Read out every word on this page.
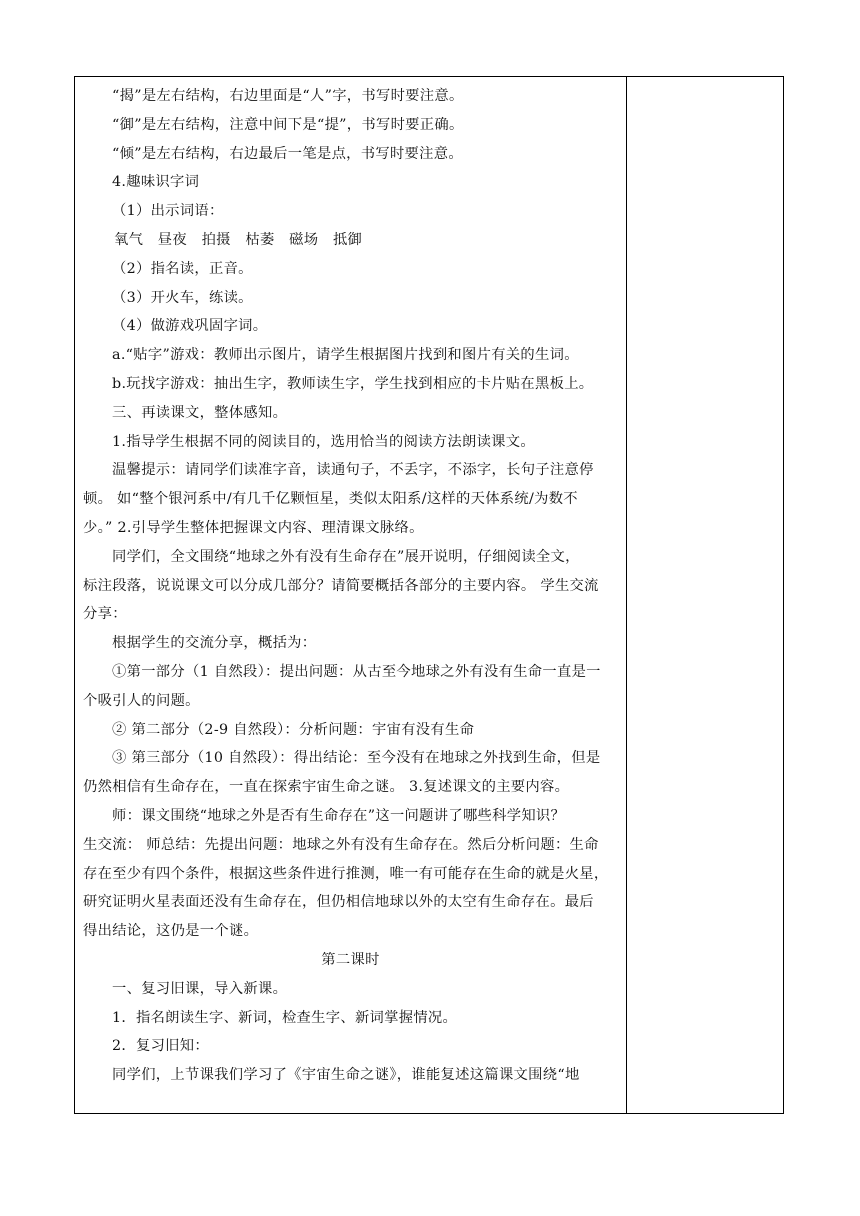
“揭”是左右结构，右边里面是“人”字，书写时要注意。

“御”是左右结构，注意中间下是“提”，书写时要正确。

“倾”是左右结构，右边最后一笔是点，书写时要注意。

4.趣味识字词

（1）出示词语：

氧气　昼夜　拍摄　枯萎　磁场　抵御

（2）指名读，正音。

（3）开火车，练读。

（4）做游戏巩固字词。

a.“贴字”游戏：教师出示图片，请学生根据图片找到和图片有关的生词。

b.玩找字游戏：抽出生字，教师读生字，学生找到相应的卡片贴在黑板上。

三、再读课文，整体感知。

1.指导学生根据不同的阅读目的，选用恰当的阅读方法朗读课文。

温馨提示：请同学们读准字音，读通句子，不丢字，不添字，长句子注意停

顿。 如“整个银河系中/有几千亿颗恒星，类似太阳系/这样的天体系统/为数不

少。” 2.引导学生整体把握课文内容、理清课文脉络。

同学们，全文围绕“地球之外有没有生命存在”展开说明，仔细阅读全文，

标注段落，说说课文可以分成几部分？请简要概括各部分的主要内容。 学生交流

分享：

根据学生的交流分享，概括为：

①第一部分（1 自然段）：提出问题：从古至今地球之外有没有生命一直是一

个吸引人的问题。

② 第二部分（2-9 自然段）：分析问题：宇宙有没有生命

③ 第三部分（10 自然段）：得出结论：至今没有在地球之外找到生命，但是

仍然相信有生命存在，一直在探索宇宙生命之谜。 3.复述课文的主要内容。

师：课文围绕“地球之外是否有生命存在”这一问题讲了哪些科学知识？

生交流： 师总结：先提出问题：地球之外有没有生命存在。然后分析问题：生命

存在至少有四个条件，根据这些条件进行推测，唯一有可能存在生命的就是火星，

研究证明火星表面还没有生命存在，但仍相信地球以外的太空有生命存在。最后

得出结论，这仍是一个谜。

第二课时

一、复习旧课，导入新课。

1．指名朗读生字、新词，检查生字、新词掌握情况。

2．复习旧知：

同学们，上节课我们学习了《宇宙生命之谜》，谁能复述这篇课文围绕“地
